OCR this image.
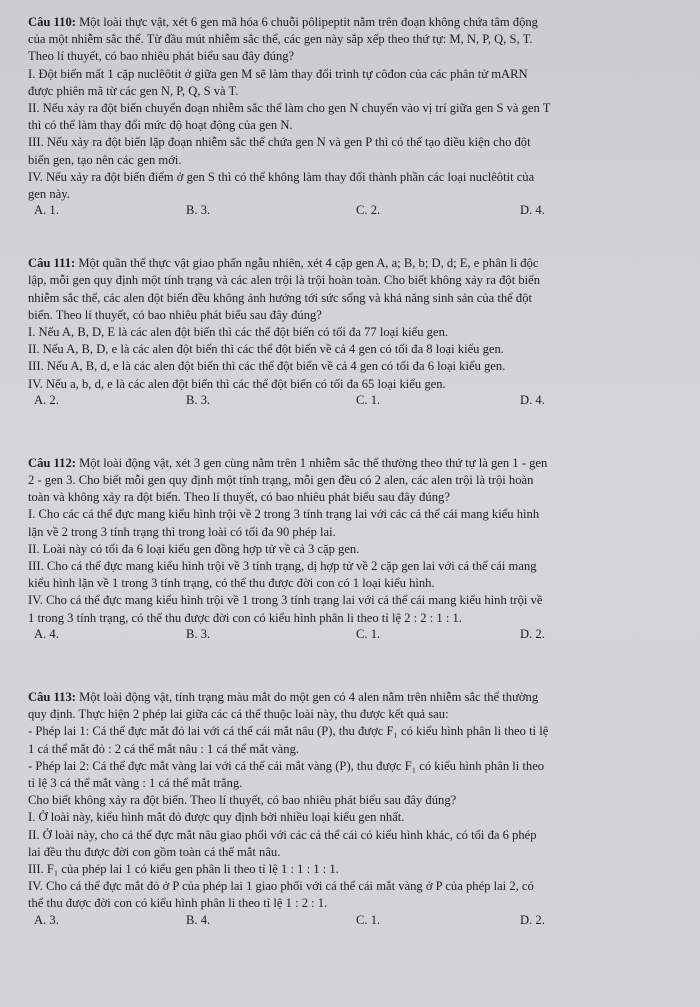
Câu 110: Một loài thực vật, xét 6 gen mã hóa 6 chuỗi pôlipeptit nằm trên đoạn không chứa tâm động

của một nhiễm sắc thể. Từ đầu mút nhiễm sắc thể, các gen này sắp xếp theo thứ tự: M, N, P, Q, S, T.

Theo lí thuyết, có bao nhiêu phát biểu sau đây đúng?

I. Đột biến mất 1 cặp nuclêôtit ở giữa gen M sẽ làm thay đổi trình tự côđon của các phân tử mARN

được phiên mã từ các gen N, P, Q, S và T.

II. Nếu xảy ra đột biến chuyển đoạn nhiễm sắc thể làm cho gen N chuyển vào vị trí giữa gen S và gen T

thì có thể làm thay đổi mức độ hoạt động của gen N.

III. Nếu xảy ra đột biến lặp đoạn nhiễm sắc thể chứa gen N và gen P thì có thể tạo điều kiện cho đột

biến gen, tạo nên các gen mới.

IV. Nếu xảy ra đột biến điểm ở gen S thì có thể không làm thay đổi thành phần các loại nuclêôtit của

gen này.

A. 1.	B. 3.	C. 2.	D. 4.

Câu 111: Một quần thể thực vật giao phấn ngẫu nhiên, xét 4 cặp gen A, a; B, b; D, d; E, e phân li độc

lập, mỗi gen quy định một tính trạng và các alen trội là trội hoàn toàn. Cho biết không xảy ra đột biến

nhiễm sắc thể, các alen đột biến đều không ảnh hưởng tới sức sống và khả năng sinh sản của thể đột

biến. Theo lí thuyết, có bao nhiêu phát biểu sau đây đúng?

I. Nếu A, B, D, E là các alen đột biến thì các thể đột biến có tối đa 77 loại kiểu gen.

II. Nếu A, B, D, e là các alen đột biến thì các thể đột biến về cả 4 gen có tối đa 8 loại kiểu gen.

III. Nếu A, B, d, e là các alen đột biến thì các thể đột biến về cả 4 gen có tối đa 6 loại kiểu gen.

IV. Nếu a, b, d, e là các alen đột biến thì các thể đột biến có tối đa 65 loại kiểu gen.

A. 2.	B. 3.	C. 1.	D. 4.

Câu 112: Một loài động vật, xét 3 gen cùng nằm trên 1 nhiễm sắc thể thường theo thứ tự là gen 1 - gen

2 - gen 3. Cho biết mỗi gen quy định một tính trạng, mỗi gen đều có 2 alen, các alen trội là trội hoàn

toàn và không xảy ra đột biến. Theo lí thuyết, có bao nhiêu phát biểu sau đây đúng?

I. Cho các cá thể đực mang kiểu hình trội về 2 trong 3 tính trạng lai với các cá thể cái mang kiểu hình

lặn về 2 trong 3 tính trạng thì trong loài có tối đa 90 phép lai.

II. Loài này có tối đa 6 loại kiểu gen đồng hợp tử về cả 3 cặp gen.

III. Cho cá thể đực mang kiểu hình trội về 3 tính trạng, dị hợp tử về 2 cặp gen lai với cá thể cái mang

kiểu hình lặn về 1 trong 3 tính trạng, có thể thu được đời con có 1 loại kiểu hình.

IV. Cho cá thể đực mang kiểu hình trội về 1 trong 3 tính trạng lai với cá thể cái mang kiểu hình trội về

1 trong 3 tính trạng, có thể thu được đời con có kiểu hình phân li theo tỉ lệ 2 : 2 : 1 : 1.

A. 4.	B. 3.	C. 1.	D. 2.

Câu 113: Một loài động vật, tính trạng màu mắt do một gen có 4 alen nằm trên nhiễm sắc thể thường

quy định. Thực hiện 2 phép lai giữa các cá thể thuộc loài này, thu được kết quả sau:

- Phép lai 1: Cá thể đực mắt đỏ lai với cá thể cái mắt nâu (P), thu được F₁ có kiểu hình phân li theo tỉ lệ

1 cá thể mắt đỏ : 2 cá thể mắt nâu : 1 cá thể mắt vàng.

- Phép lai 2: Cá thể đực mắt vàng lai với cá thể cái mắt vàng (P), thu được F₁ có kiểu hình phân li theo

tỉ lệ 3 cá thể mắt vàng : 1 cá thể mắt trắng.

Cho biết không xảy ra đột biến. Theo lí thuyết, có bao nhiêu phát biểu sau đây đúng?

I. Ở loài này, kiểu hình mắt đỏ được quy định bởi nhiều loại kiểu gen nhất.

II. Ở loài này, cho cá thể đực mắt nâu giao phối với các cá thể cái có kiểu hình khác, có tối đa 6 phép

lai đều thu được đời con gồm toàn cá thể mắt nâu.

III. F₁ của phép lai 1 có kiểu gen phân li theo tỉ lệ 1 : 1 : 1 : 1.

IV. Cho cá thể đực mắt đỏ ở P của phép lai 1 giao phối với cá thể cái mắt vàng ở P của phép lai 2, có

thể thu được đời con có kiểu hình phân li theo tỉ lệ 1 : 2 : 1.

A. 3.	B. 4.	C. 1.	D. 2.
